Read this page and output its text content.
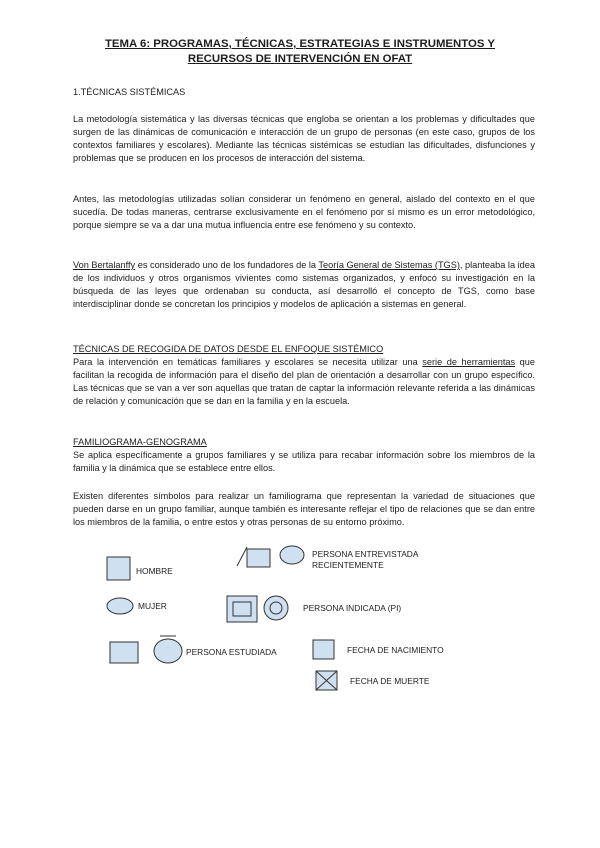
TEMA 6: PROGRAMAS, TÉCNICAS, ESTRATEGIAS E INSTRUMENTOS Y
RECURSOS DE INTERVENCIÓN EN OFAT

1.TÉCNICAS SISTÉMICAS

La metodología sistemática y las diversas técnicas que engloba se orientan a los problemas y dificultades que surgen de las dinámicas de comunicación e interacción de un grupo de personas (en este caso, grupos de los contextos familiares y escolares). Mediante las técnicas sistémicas se estudian las dificultades, disfunciones y problemas que se producen en los procesos de interacción del sistema.

Antes, las metodologías utilizadas solían considerar un fenómeno en general, aislado del contexto en el que sucedía. De todas maneras, centrarse exclusivamente en el fenómeno por sí mismo es un error metodológico, porque siempre se va a dar una mutua influencia entre ese fenómeno y su contexto.

Von Bertalanffy es considerado uno de los fundadores de la Teoría General de Sistemas (TGS), planteaba la idea de los individuos y otros organismos vivientes como sistemas organizados, y enfocó su investigación en la búsqueda de las leyes que ordenaban su conducta, así desarrolló el concepto de TGS, como base interdisciplinar donde se concretan los principios y modelos de aplicación a sistemas en general.

TÉCNICAS DE RECOGIDA DE DATOS DESDE EL ENFOQUE SISTÉMICO

Para la intervención en temáticas familiares y escolares se necesita utilizar una serie de herramientas que facilitan la recogida de información para el diseño del plan de orientación a desarrollar con un grupo específico. Las técnicas que se van a ver son aquellas que tratan de captar la información relevante referida a las dinámicas de relación y comunicación que se dan en la familia y en la escuela.

FAMILIOGRAMA-GENOGRAMA

Se aplica específicamente a grupos familiares y se utiliza para recabar información sobre los miembros de la familia y la dinámica que se establece entre ellos.

Existen diferentes símbolos para realizar un familiograma que representan la variedad de situaciones que pueden darse en un grupo familiar, aunque también es interesante reflejar el tipo de relaciones que se dan entre los miembros de la familia, o entre estos y otras personas de su entorno próximo.

HOMBRE
MUJER
PERSONA ESTUDIADA
PERSONA ENTREVISTADA
RECIENTEMENTE
PERSONA INDICADA (PI)
FECHA DE NACIMIENTO
FECHA DE MUERTE
